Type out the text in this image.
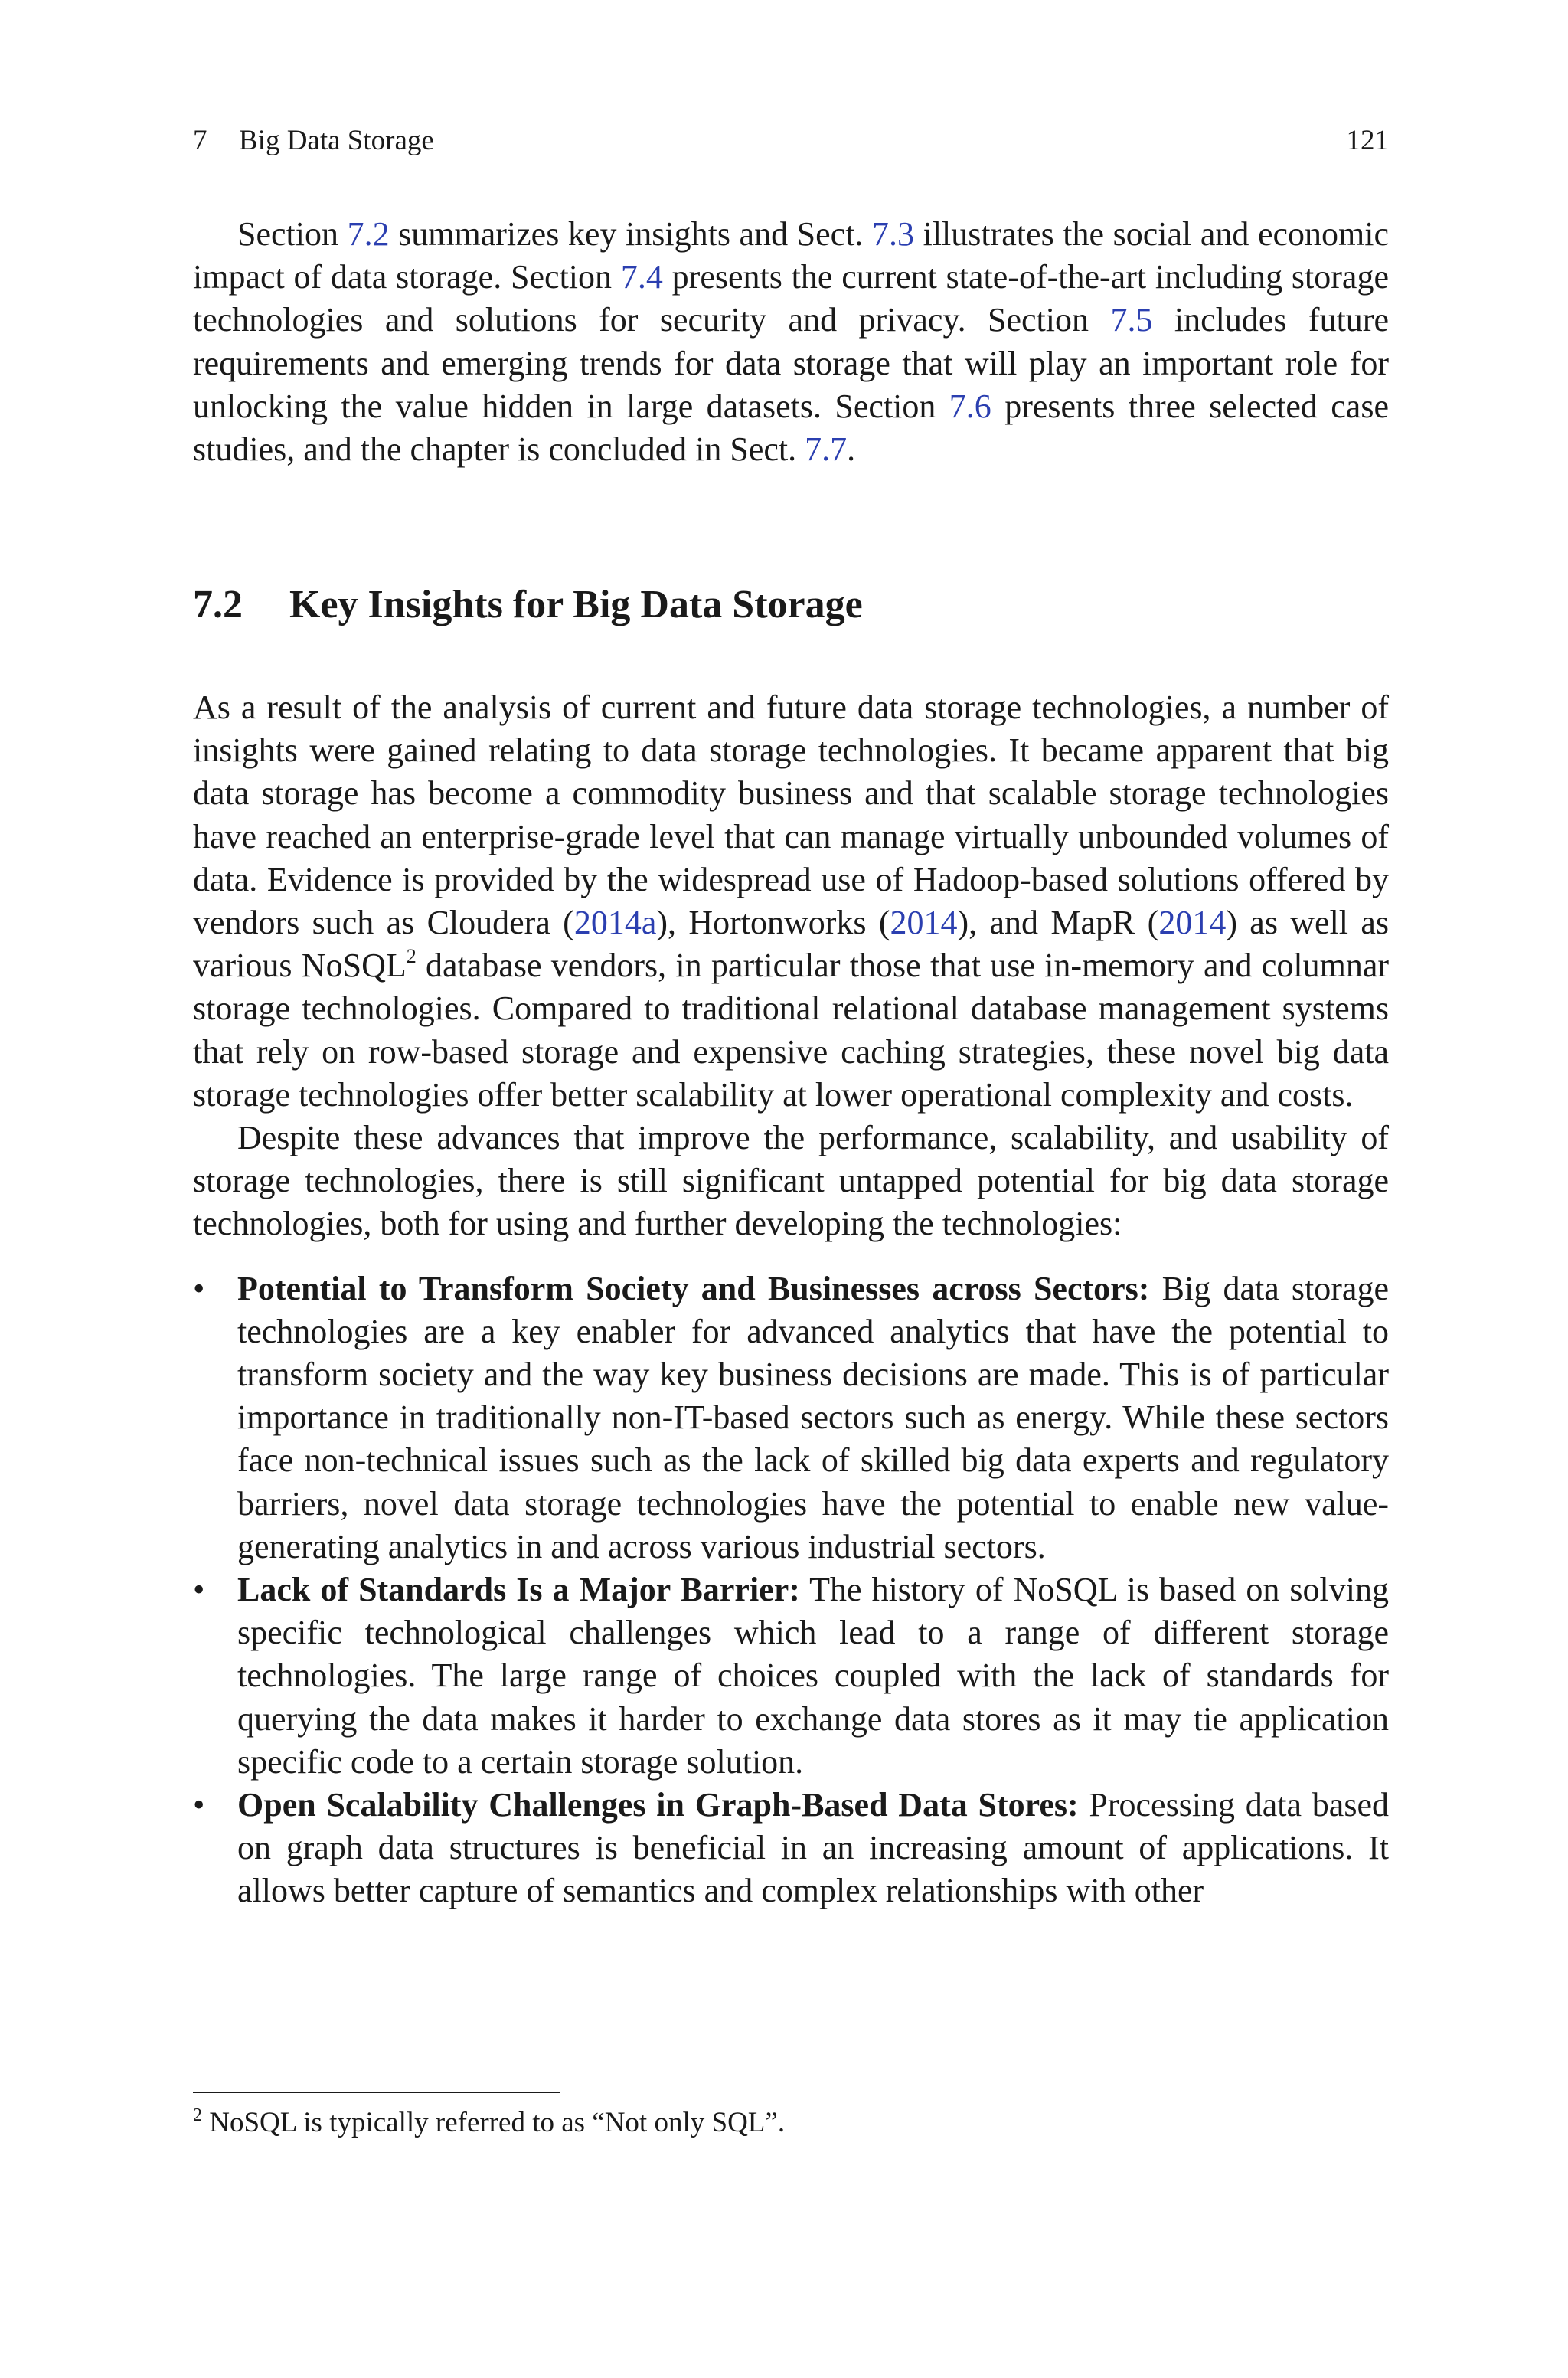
7 Big Data Storage	121

Section 7.2 summarizes key insights and Sect. 7.3 illustrates the social and economic impact of data storage. Section 7.4 presents the current state-of-the-art including storage technologies and solutions for security and privacy. Section 7.5 includes future requirements and emerging trends for data storage that will play an important role for unlocking the value hidden in large datasets. Section 7.6 presents three selected case studies, and the chapter is concluded in Sect. 7.7.

7.2 Key Insights for Big Data Storage

As a result of the analysis of current and future data storage technologies, a number of insights were gained relating to data storage technologies. It became apparent that big data storage has become a commodity business and that scalable storage technologies have reached an enterprise-grade level that can manage virtually unbounded volumes of data. Evidence is provided by the widespread use of Hadoop-based solutions offered by vendors such as Cloudera (2014a), Hortonworks (2014), and MapR (2014) as well as various NoSQL$^2$ database vendors, in particular those that use in-memory and columnar storage technologies. Compared to traditional relational database management systems that rely on row-based storage and expensive caching strategies, these novel big data storage technologies offer better scalability at lower operational complexity and costs.

Despite these advances that improve the performance, scalability, and usability of storage technologies, there is still significant untapped potential for big data storage technologies, both for using and further developing the technologies:

• Potential to Transform Society and Businesses across Sectors: Big data storage technologies are a key enabler for advanced analytics that have the potential to transform society and the way key business decisions are made. This is of particular importance in traditionally non-IT-based sectors such as energy. While these sectors face non-technical issues such as the lack of skilled big data experts and regulatory barriers, novel data storage technologies have the potential to enable new value-generating analytics in and across various industrial sectors.
• Lack of Standards Is a Major Barrier: The history of NoSQL is based on solving specific technological challenges which lead to a range of different storage technologies. The large range of choices coupled with the lack of standards for querying the data makes it harder to exchange data stores as it may tie application specific code to a certain storage solution.
• Open Scalability Challenges in Graph-Based Data Stores: Processing data based on graph data structures is beneficial in an increasing amount of applications. It allows better capture of semantics and complex relationships with other
$^2$ NoSQL is typically referred to as “Not only SQL”.
